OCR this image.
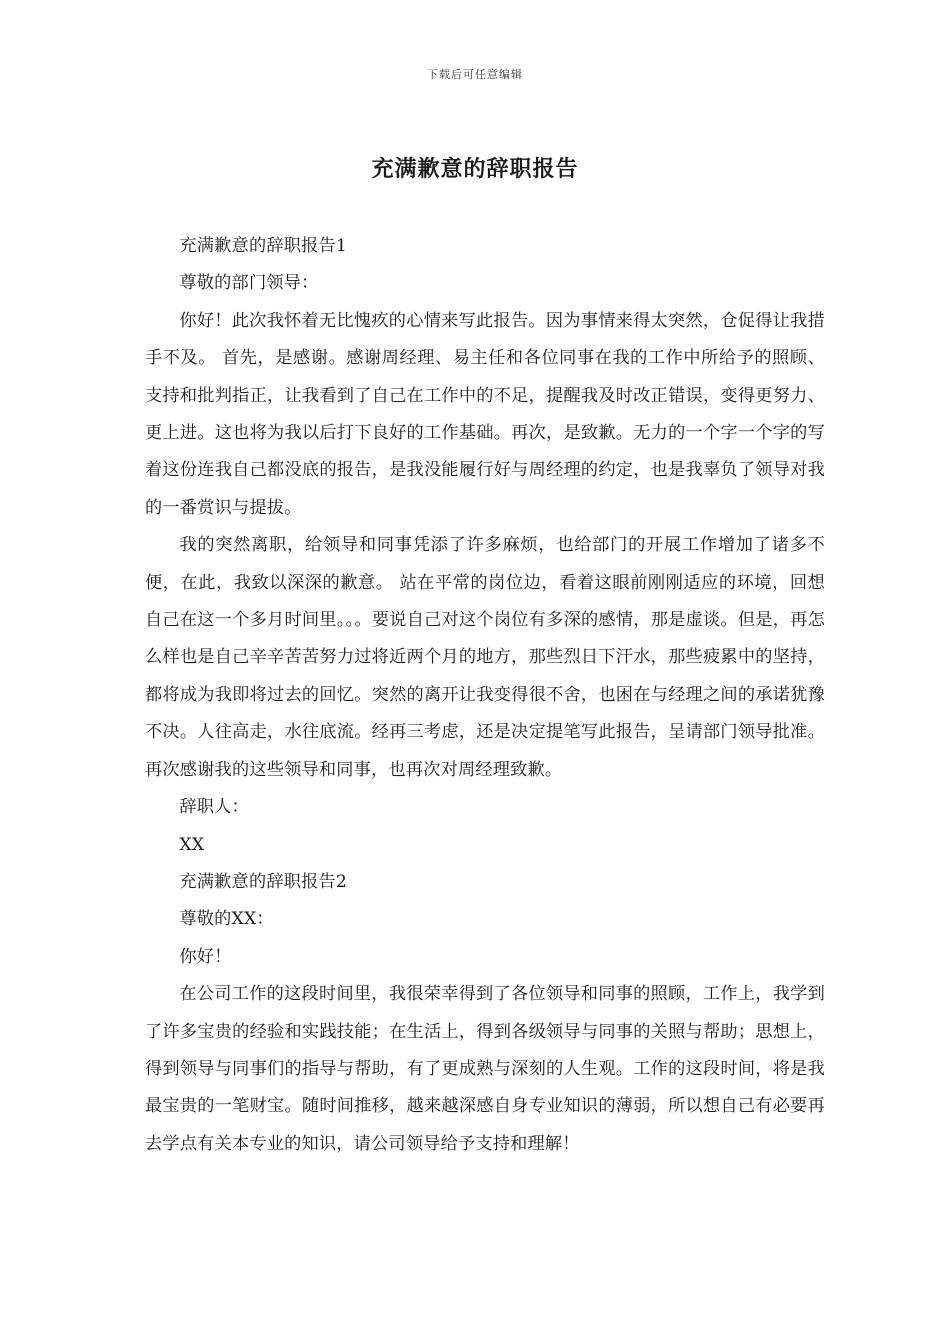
下载后可任意编辑
充满歉意的辞职报告

充满歉意的辞职报告1

尊敬的部门领导：

你好！此次我怀着无比愧疚的心情来写此报告。因为事情来得太突然，仓促得让我措手不及。 首先，是感谢。感谢周经理、易主任和各位同事在我的工作中所给予的照顾、支持和批判指正，让我看到了自己在工作中的不足，提醒我及时改正错误，变得更努力、更上进。这也将为我以后打下良好的工作基础。再次，是致歉。无力的一个字一个字的写着这份连我自己都没底的报告，是我没能履行好与周经理的约定，也是我辜负了领导对我的一番赏识与提拔。

我的突然离职，给领导和同事凭添了许多麻烦，也给部门的开展工作增加了诸多不便，在此，我致以深深的歉意。 站在平常的岗位边，看着这眼前刚刚适应的环境，回想自己在这一个多月时间里。。。要说自己对这个岗位有多深的感情，那是虚谈。但是，再怎么样也是自己辛辛苦苦努力过将近两个月的地方，那些烈日下汗水，那些疲累中的坚持，都将成为我即将过去的回忆。突然的离开让我变得很不舍，也困在与经理之间的承诺犹豫不决。人往高走，水往底流。经再三考虑，还是决定提笔写此报告，呈请部门领导批准。再次感谢我的这些领导和同事，也再次对周经理致歉。

辞职人：

XX

充满歉意的辞职报告2

尊敬的XX：

你好！

在公司工作的这段时间里，我很荣幸得到了各位领导和同事的照顾，工作上，我学到了许多宝贵的经验和实践技能；在生活上，得到各级领导与同事的关照与帮助；思想上，得到领导与同事们的指导与帮助，有了更成熟与深刻的人生观。工作的这段时间，将是我最宝贵的一笔财宝。随时间推移，越来越深感自身专业知识的薄弱，所以想自己有必要再去学点有关本专业的知识，请公司领导给予支持和理解！
